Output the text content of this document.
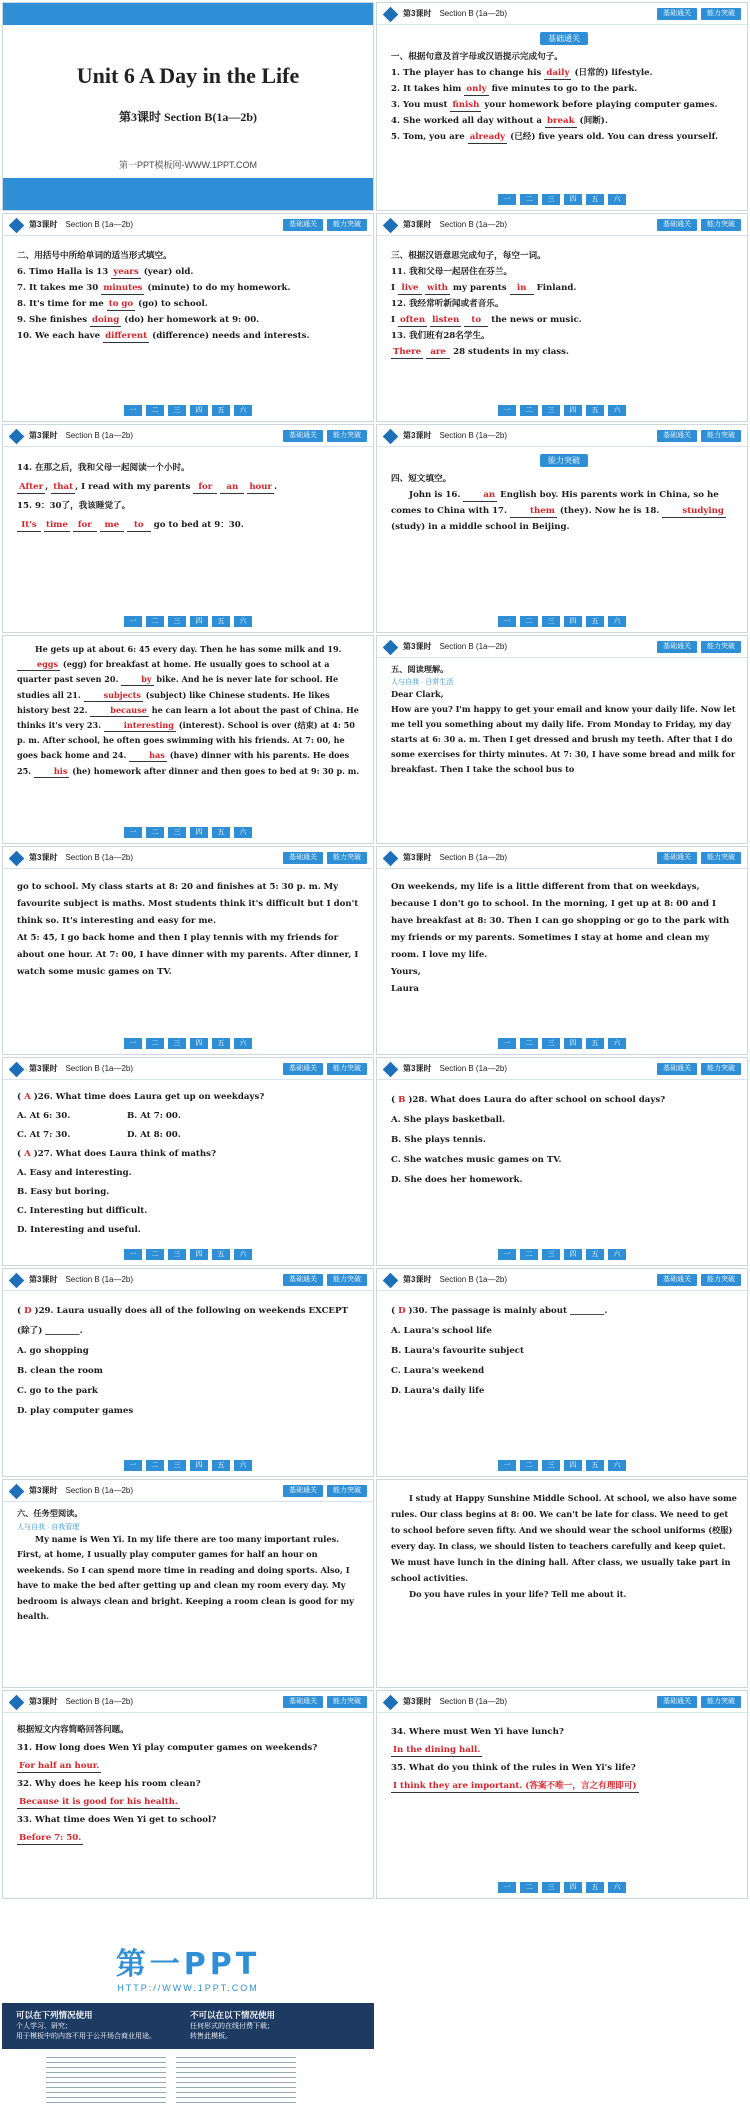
Unit 6 A Day in the Life
第3课时 Section B(1a—2b)
第一PPT模板网-WWW.1PPT.COM
第3课时 Section B (1a—2b)	基础通关	能力突破
基础通关

一、根据句意及首字母或汉语提示完成句子。

1. The player has to change his daily (日常的) lifestyle.

2. It takes him only five minutes to go to the park.

3. You must finish your homework before playing computer games.

4. She worked all day without a break (间断).

5. Tom, you are already (已经) five years old. You can dress yourself.

一 二 三 四 五 六
第3课时 Section B (1a—2b)	基础通关	能力突破

二、用括号中所给单词的适当形式填空。

6. Timo Halla is 13 years (year) old.

7. It takes me 30 minutes (minute) to do my homework.

8. It's time for me to go (go) to school.

9. She finishes doing (do) her homework at 9: 00.

10. We each have different (difference) needs and interests.

一 二 三 四 五 六
第3课时 Section B (1a—2b)	基础通关	能力突破

三、根据汉语意思完成句子，每空一词。

11. 我和父母一起居住在芬兰。

I live with my parents in Finland.

12. 我经常听新闻或者音乐。

I often listen to the news or music.

13. 我们班有28名学生。

There are 28 students in my class.

一 二 三 四 五 六
第3课时 Section B (1a—2b)	基础通关	能力突破

14. 在那之后，我和父母一起阅读一个小时。

After , that , I read with my parents for an hour .

15. 9：30了，我该睡觉了。

It's time for me to go to bed at 9：30.

一 二 三 四 五 六
第3课时 Section B (1a—2b)	基础通关	能力突破
能力突破

四、短文填空。

John is 16.	an English boy. His parents work in China, so he comes to China with 17.	them (they). Now he is 18.	studying (study) in a middle school in Beijing.

一 二 三 四 五 六

He gets up at about 6: 45 every day. Then he has some milk and 19. eggs (egg) for breakfast at home. He usually goes to school at a quarter past seven 20.	by bike. And he is never late for school. He studies all 21.	subjects (subject) like Chinese students. He likes history best 22.	because he can learn a lot about the past of China. He thinks it's very 23.	interesting (interest). School is over (结束) at 4: 50 p. m. After school, he often goes swimming with his friends. At 7: 00, he goes back home and 24.	has (have) dinner with his parents. He does 25.	his (he) homework after dinner and then goes to bed at 9: 30 p. m.

一 二 三 四 五 六
第3课时 Section B (1a—2b)	基础通关	能力突破

五、阅读理解。

人与自我 · 日常生活

Dear Clark,

How are you? I'm happy to get your email and know your daily life. Now let me tell you something about my daily life. From Monday to Friday, my day starts at 6: 30 a. m. Then I get dressed and brush my teeth. After that I do some exercises for thirty minutes. At 7: 30, I have some bread and milk for breakfast. Then I take the school bus to

第3课时 Section B (1a—2b)	基础通关	能力突破

go to school. My class starts at 8: 20 and finishes at 5: 30 p. m. My favourite subject is maths. Most students think it's difficult but I don't think so. It's interesting and easy for me.

At 5: 45, I go back home and then I play tennis with my friends for about one hour. At 7: 00, I have dinner with my parents. After dinner, I watch some music games on TV.

一 二 三 四 五 六
第3课时 Section B (1a—2b)	基础通关	能力突破

On weekends, my life is a little different from that on weekdays, because I don't go to school. In the morning, I get up at 8: 00 and I have breakfast at 8: 30. Then I can go shopping or go to the park with my friends or my parents. Sometimes I stay at home and clean my room. I love my life.

Yours,

Laura

一 二 三 四 五 六
第3课时 Section B (1a—2b)	基础通关	能力突破

( A )26. What time does Laura get up on weekdays?

A. At 6: 30.	B. At 7: 00.

C. At 7: 30.	D. At 8: 00.

( A )27. What does Laura think of maths?

A. Easy and interesting.

B. Easy but boring.

C. Interesting but difficult.

D. Interesting and useful.

一 二 三 四 五 六
第3课时 Section B (1a—2b)	基础通关	能力突破

( B )28. What does Laura do after school on school days?

A. She plays basketball.

B. She plays tennis.

C. She watches music games on TV.

D. She does her homework.

一 二 三 四 五 六
第3课时 Section B (1a—2b)	基础通关	能力突破

( D )29. Laura usually does all of the following on weekends EXCEPT (除了) ________.

A. go shopping

B. clean the room

C. go to the park

D. play computer games

一 二 三 四 五 六
第3课时 Section B (1a—2b)	基础通关	能力突破

( D )30. The passage is mainly about ________.

A. Laura's school life

B. Laura's favourite subject

C. Laura's weekend

D. Laura's daily life

一 二 三 四 五 六
第3课时 Section B (1a—2b)	基础通关	能力突破

六、任务型阅读。

人与自我 · 自我管理

My name is Wen Yi. In my life there are too many important rules. First, at home, I usually play computer games for half an hour on weekends. So I can spend more time in reading and doing sports. Also, I have to make the bed after getting up and clean my room every day. My bedroom is always clean and bright. Keeping a room clean is good for my health.

I study at Happy Sunshine Middle School. At school, we also have some rules. Our class begins at 8: 00. We can't be late for class. We need to get to school before seven fifty. And we should wear the school uniforms (校服) every day. In class, we should listen to teachers carefully and keep quiet. We must have lunch in the dining hall. After class, we usually take part in school activities.

Do you have rules in your life? Tell me about it.

第3课时 Section B (1a—2b)	基础通关	能力突破

根据短文内容简略回答问题。

31. How long does Wen Yi play computer games on weekends?

For half an hour.

32. Why does he keep his room clean?

Because it is good for his health.

33. What time does Wen Yi get to school?

Before 7: 50.

第3课时 Section B (1a—2b)	基础通关	能力突破

34. Where must Wen Yi have lunch?

In the dining hall.

35. What do you think of the rules in Wen Yi's life?

I think they are important. (答案不唯一，言之有理即可)

一 二 三 四 五 六
第一PPT
HTTP://WWW.1PPT.COM
可以在下列情况使用
个人学习、研究；
用于模板中的内容不用于公开场合商业用途。
不可以在以下情况使用
任何形式的在线付费下载；
转售此模板。
